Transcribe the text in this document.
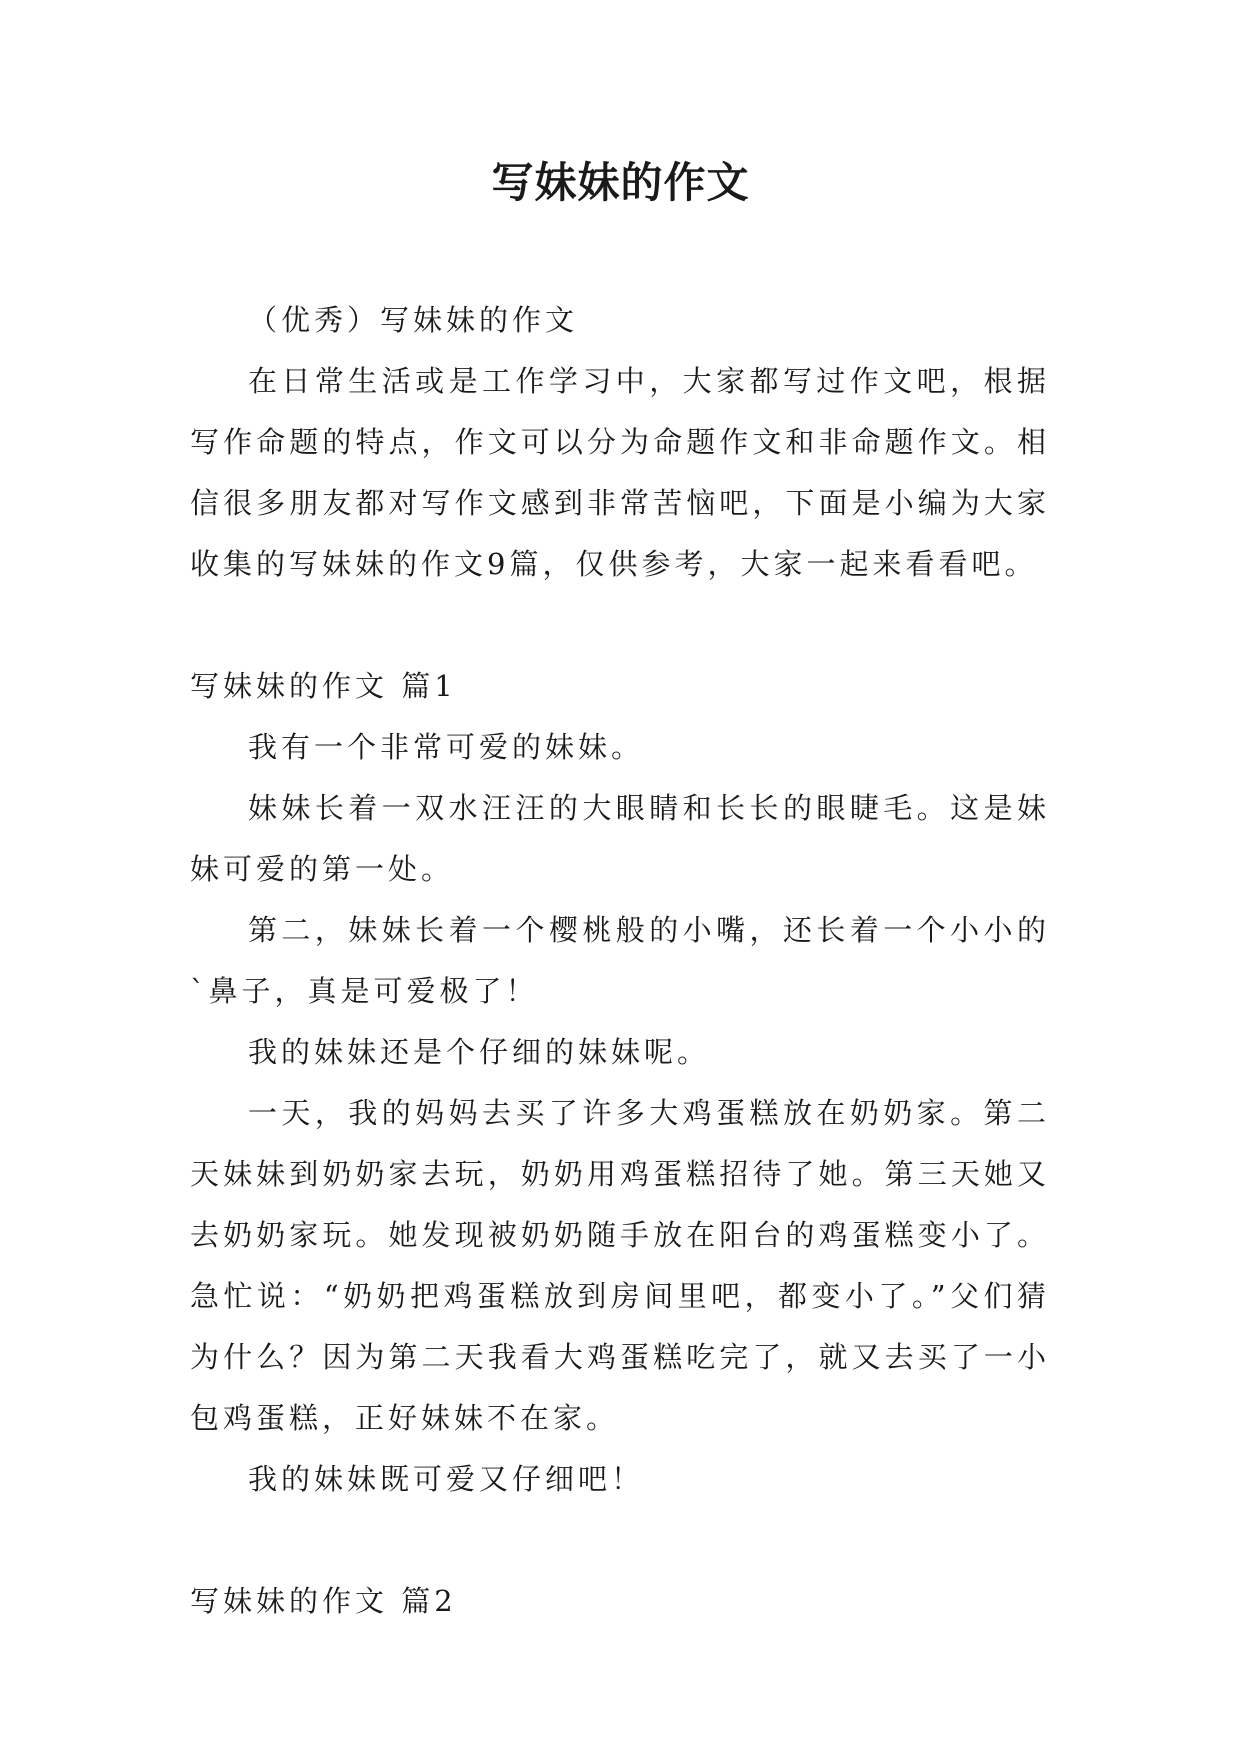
写妹妹的作文

（优秀）写妹妹的作文

在日常生活或是工作学习中，大家都写过作文吧，根据写作命题的特点，作文可以分为命题作文和非命题作文。相信很多朋友都对写作文感到非常苦恼吧，下面是小编为大家收集的写妹妹的作文9篇，仅供参考，大家一起来看看吧。

写妹妹的作文 篇1

我有一个非常可爱的妹妹。

妹妹长着一双水汪汪的大眼睛和长长的眼睫毛。这是妹妹可爱的第一处。

第二，妹妹长着一个樱桃般的小嘴，还长着一个小小的`鼻子，真是可爱极了！

我的妹妹还是个仔细的妹妹呢。

一天，我的妈妈去买了许多大鸡蛋糕放在奶奶家。第二天妹妹到奶奶家去玩，奶奶用鸡蛋糕招待了她。第三天她又去奶奶家玩。她发现被奶奶随手放在阳台的鸡蛋糕变小了。急忙说：“奶奶把鸡蛋糕放到房间里吧，都变小了。”父们猜为什么？因为第二天我看大鸡蛋糕吃完了，就又去买了一小包鸡蛋糕，正好妹妹不在家。

我的妹妹既可爱又仔细吧！

写妹妹的作文 篇2
